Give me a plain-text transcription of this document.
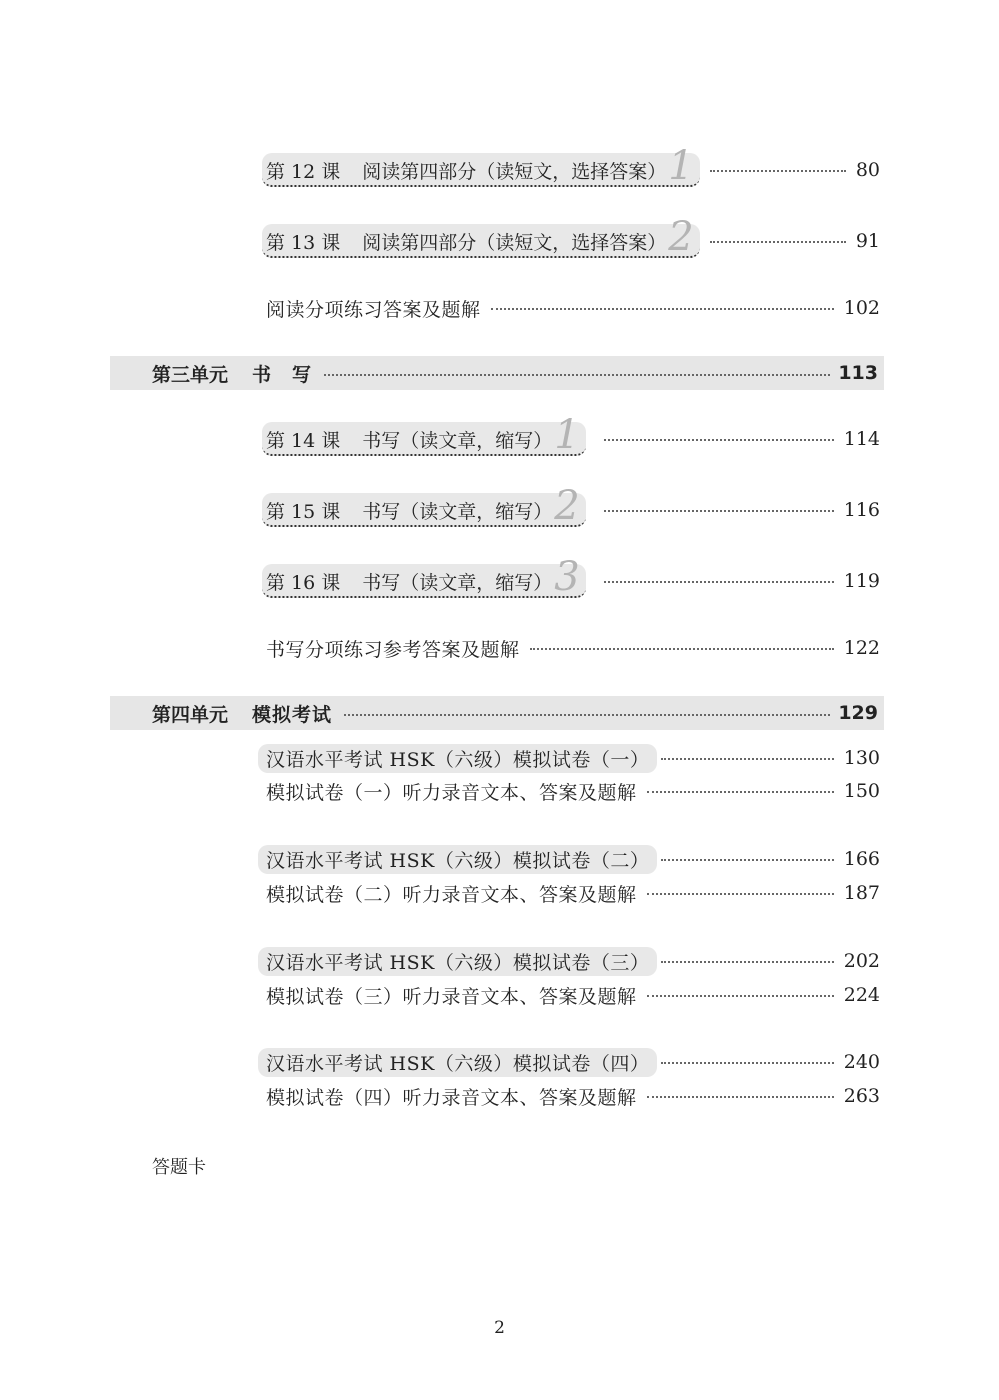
第 12 课 阅读第四部分（读短文，选择答案） 1	80
第 13 课 阅读第四部分（读短文，选择答案） 2	91
阅读分项练习答案及题解	102
第三单元 书　写	113
第 14 课 书写（读文章，缩写） 1	114
第 15 课 书写（读文章，缩写） 2	116
第 16 课 书写（读文章，缩写） 3	119
书写分项练习参考答案及题解	122
第四单元 模拟考试	129
汉语水平考试 HSK（六级）模拟试卷（一）	130
模拟试卷（一）听力录音文本、答案及题解	150
汉语水平考试 HSK（六级）模拟试卷（二）	166
模拟试卷（二）听力录音文本、答案及题解	187
汉语水平考试 HSK（六级）模拟试卷（三）	202
模拟试卷（三）听力录音文本、答案及题解	224
汉语水平考试 HSK（六级）模拟试卷（四）	240
模拟试卷（四）听力录音文本、答案及题解	263
答题卡
2
